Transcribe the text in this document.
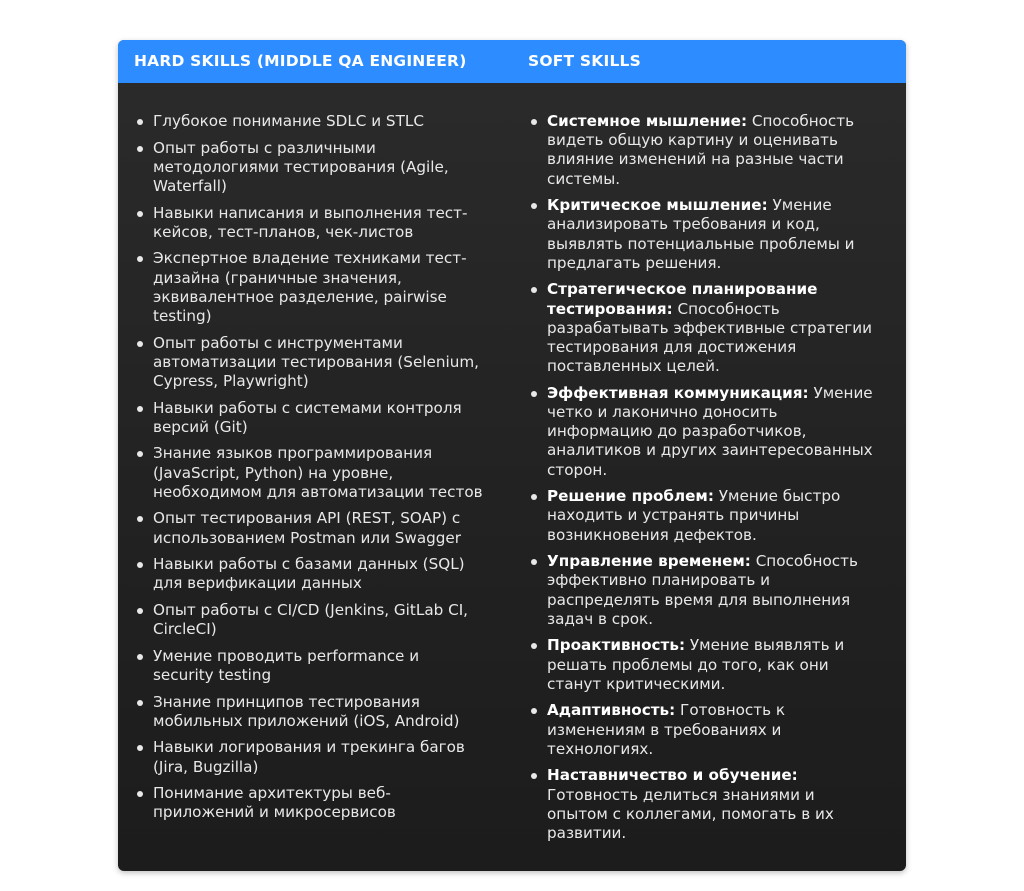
HARD SKILLS (MIDDLE QA ENGINEER)	SOFT SKILLS
Глубокое понимание SDLC и STLC
Опыт работы с различными методологиями тестирования (Agile, Waterfall)
Навыки написания и выполнения тест-кейсов, тест-планов, чек-листов
Экспертное владение техниками тест-дизайна (граничные значения, эквивалентное разделение, pairwise testing)
Опыт работы с инструментами автоматизации тестирования (Selenium, Cypress, Playwright)
Навыки работы с системами контроля версий (Git)
Знание языков программирования (JavaScript, Python) на уровне, необходимом для автоматизации тестов
Опыт тестирования API (REST, SOAP) с использованием Postman или Swagger
Навыки работы с базами данных (SQL) для верификации данных
Опыт работы с CI/CD (Jenkins, GitLab CI, CircleCI)
Умение проводить performance и security testing
Знание принципов тестирования мобильных приложений (iOS, Android)
Навыки логирования и трекинга багов (Jira, Bugzilla)
Понимание архитектуры веб-приложений и микросервисов
Системное мышление: Способность видеть общую картину и оценивать влияние изменений на разные части системы.
Критическое мышление: Умение анализировать требования и код, выявлять потенциальные проблемы и предлагать решения.
Стратегическое планирование тестирования: Способность разрабатывать эффективные стратегии тестирования для достижения поставленных целей.
Эффективная коммуникация: Умение четко и лаконично доносить информацию до разработчиков, аналитиков и других заинтересованных сторон.
Решение проблем: Умение быстро находить и устранять причины возникновения дефектов.
Управление временем: Способность эффективно планировать и распределять время для выполнения задач в срок.
Проактивность: Умение выявлять и решать проблемы до того, как они станут критическими.
Адаптивность: Готовность к изменениям в требованиях и технологиях.
Наставничество и обучение: Готовность делиться знаниями и опытом с коллегами, помогать в их развитии.
